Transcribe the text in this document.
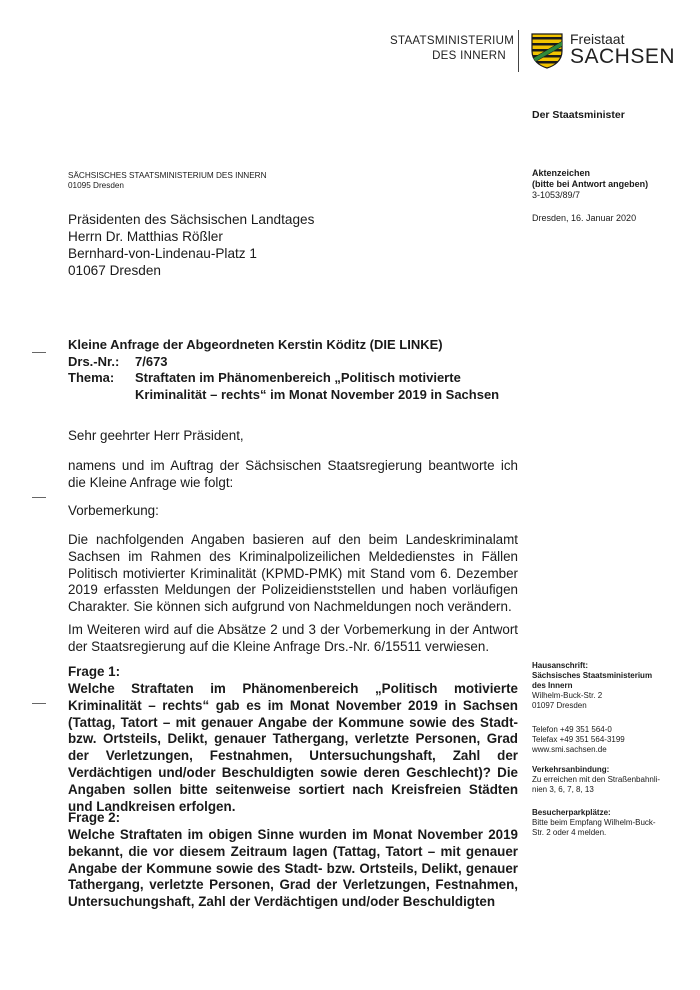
STAATSMINISTERIUM
DES INNERN
Freistaat
SACHSEN
Der Staatsminister
SÄCHSISCHES STAATSMINISTERIUM DES INNERN
01095 Dresden
Aktenzeichen
(bitte bei Antwort angeben)
3-1053/89/7
Dresden, 16. Januar 2020
Präsidenten des Sächsischen Landtages
Herrn Dr. Matthias Rößler
Bernhard-von-Lindenau-Platz 1
01067 Dresden
Kleine Anfrage der Abgeordneten Kerstin Köditz (DIE LINKE)
Drs.-Nr.:	7/673
Thema:	Straftaten im Phänomenbereich „Politisch motivierte Kriminalität – rechts“ im Monat November 2019 in Sachsen
Sehr geehrter Herr Präsident,
namens und im Auftrag der Sächsischen Staatsregierung beantworte ich die Kleine Anfrage wie folgt:
Vorbemerkung:
Die nachfolgenden Angaben basieren auf den beim Landeskriminalamt Sachsen im Rahmen des Kriminalpolizeilichen Meldedienstes in Fällen Politisch motivierter Kriminalität (KPMD-PMK) mit Stand vom 6. Dezember 2019 erfassten Meldungen der Polizeidienststellen und haben vorläufigen Charakter. Sie können sich aufgrund von Nachmeldungen noch verändern.
Im Weiteren wird auf die Absätze 2 und 3 der Vorbemerkung in der Antwort der Staatsregierung auf die Kleine Anfrage Drs.-Nr. 6/15511 verwiesen.
Frage 1:
Welche Straftaten im Phänomenbereich „Politisch motivierte Kriminalität – rechts“ gab es im Monat November 2019 in Sachsen (Tattag, Tatort – mit genauer Angabe der Kommune sowie des Stadt- bzw. Ortsteils, Delikt, genauer Tathergang, verletzte Personen, Grad der Verletzungen, Festnahmen, Untersuchungshaft, Zahl der Verdächtigen und/oder Beschuldigten sowie deren Geschlecht)? Die Angaben sollen bitte seitenweise sortiert nach Kreisfreien Städten und Landkreisen erfolgen.
Frage 2:
Welche Straftaten im obigen Sinne wurden im Monat November 2019 bekannt, die vor diesem Zeitraum lagen (Tattag, Tatort – mit genauer Angabe der Kommune sowie des Stadt- bzw. Ortsteils, Delikt, genauer Tathergang, verletzte Personen, Grad der Verletzungen, Festnahmen, Untersuchungshaft, Zahl der Verdächtigen und/oder Beschuldigten
Hausanschrift:
Sächsisches Staatsministerium
des Innern
Wilhelm-Buck-Str. 2
01097 Dresden
Telefon +49 351 564-0
Telefax +49 351 564-3199
www.smi.sachsen.de
Verkehrsanbindung:
Zu erreichen mit den Straßenbahnli-
nien 3, 6, 7, 8, 13
Besucherparkplätze:
Bitte beim Empfang Wilhelm-Buck-
Str. 2 oder 4 melden.
